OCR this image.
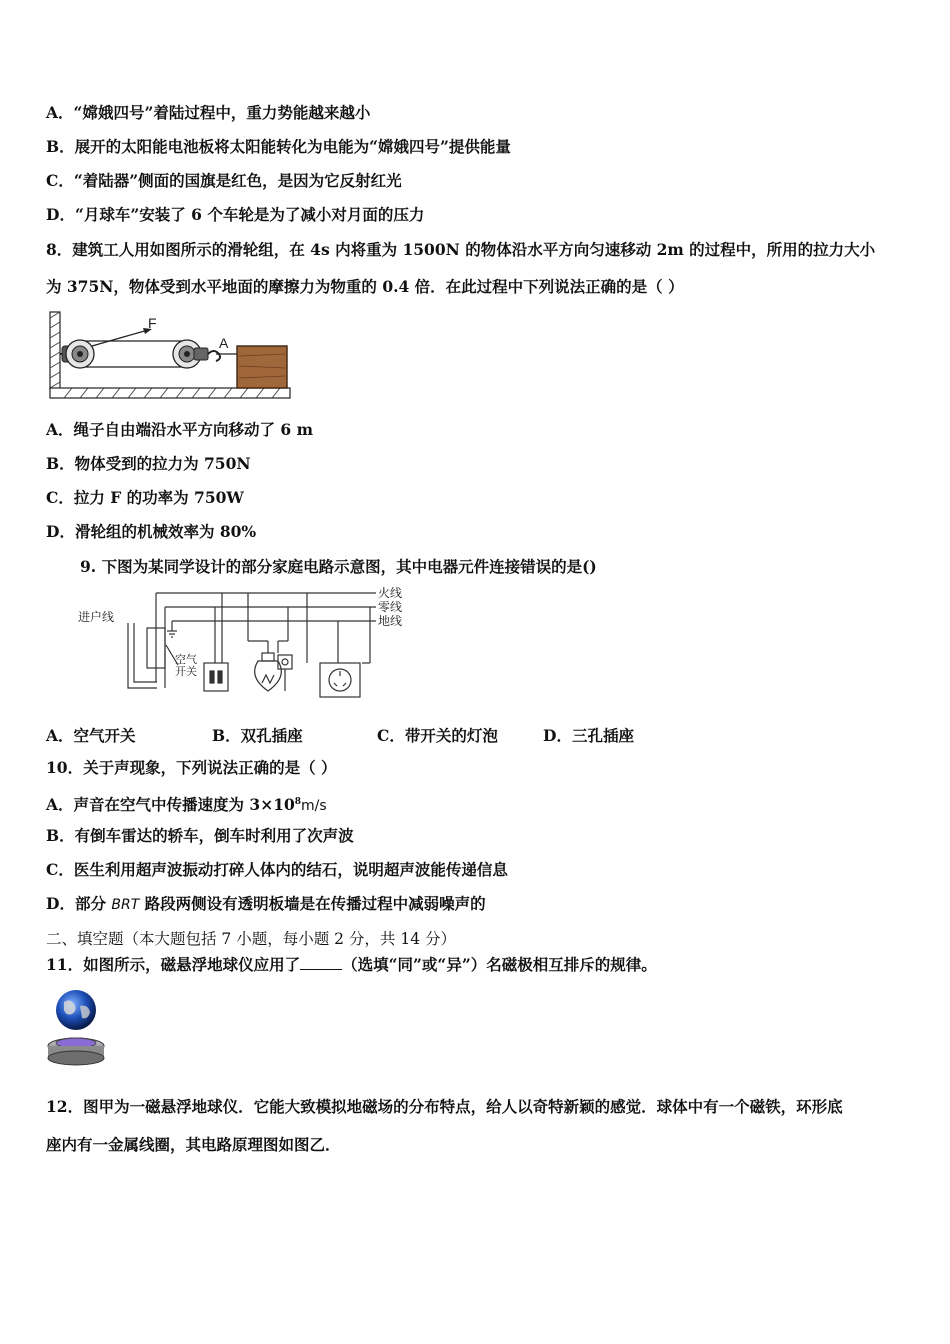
A．“嫦娥四号”着陆过程中，重力势能越来越小
B．展开的太阳能电池板将太阳能转化为电能为“嫦娥四号”提供能量
C．“着陆器”侧面的国旗是红色，是因为它反射红光
D．“月球车”安装了 6 个车轮是为了减小对月面的压力
8．建筑工人用如图所示的滑轮组，在 4s 内将重为 1500N 的物体沿水平方向匀速移动 2m 的过程中，所用的拉力大小
为 375N，物体受到水平地面的摩擦力为物重的 0.4 倍．在此过程中下列说法正确的是（ ）
F
A
A．绳子自由端沿水平方向移动了 6 m
B．物体受到的拉力为 750N
C．拉力 F 的功率为 750W
D．滑轮组的机械效率为 80%
9. 下图为某同学设计的部分家庭电路示意图，其中电器元件连接错误的是()
火线
零线
地线
进户线
空气
开关
A．空气开关	B．双孔插座	C．带开关的灯泡	D．三孔插座
10．关于声现象，下列说法正确的是（ ）
A．声音在空气中传播速度为 $3\times 10^8m/s$
B．有倒车雷达的轿车，倒车时利用了次声波
C．医生利用超声波振动打碎人体内的结石，说明超声波能传递信息
D．部分 BRT 路段两侧设有透明板墙是在传播过程中减弱噪声的
二、填空题（本大题包括 7 小题，每小题 2 分，共 14 分）
11．如图所示，磁悬浮地球仪应用了	（选填“同”或“异”）名磁极相互排斥的规律。
12．图甲为一磁悬浮地球仪．它能大致模拟地磁场的分布特点，给人以奇特新颖的感觉．球体中有一个磁铁，环形底
座内有一金属线圈，其电路原理图如图乙．
